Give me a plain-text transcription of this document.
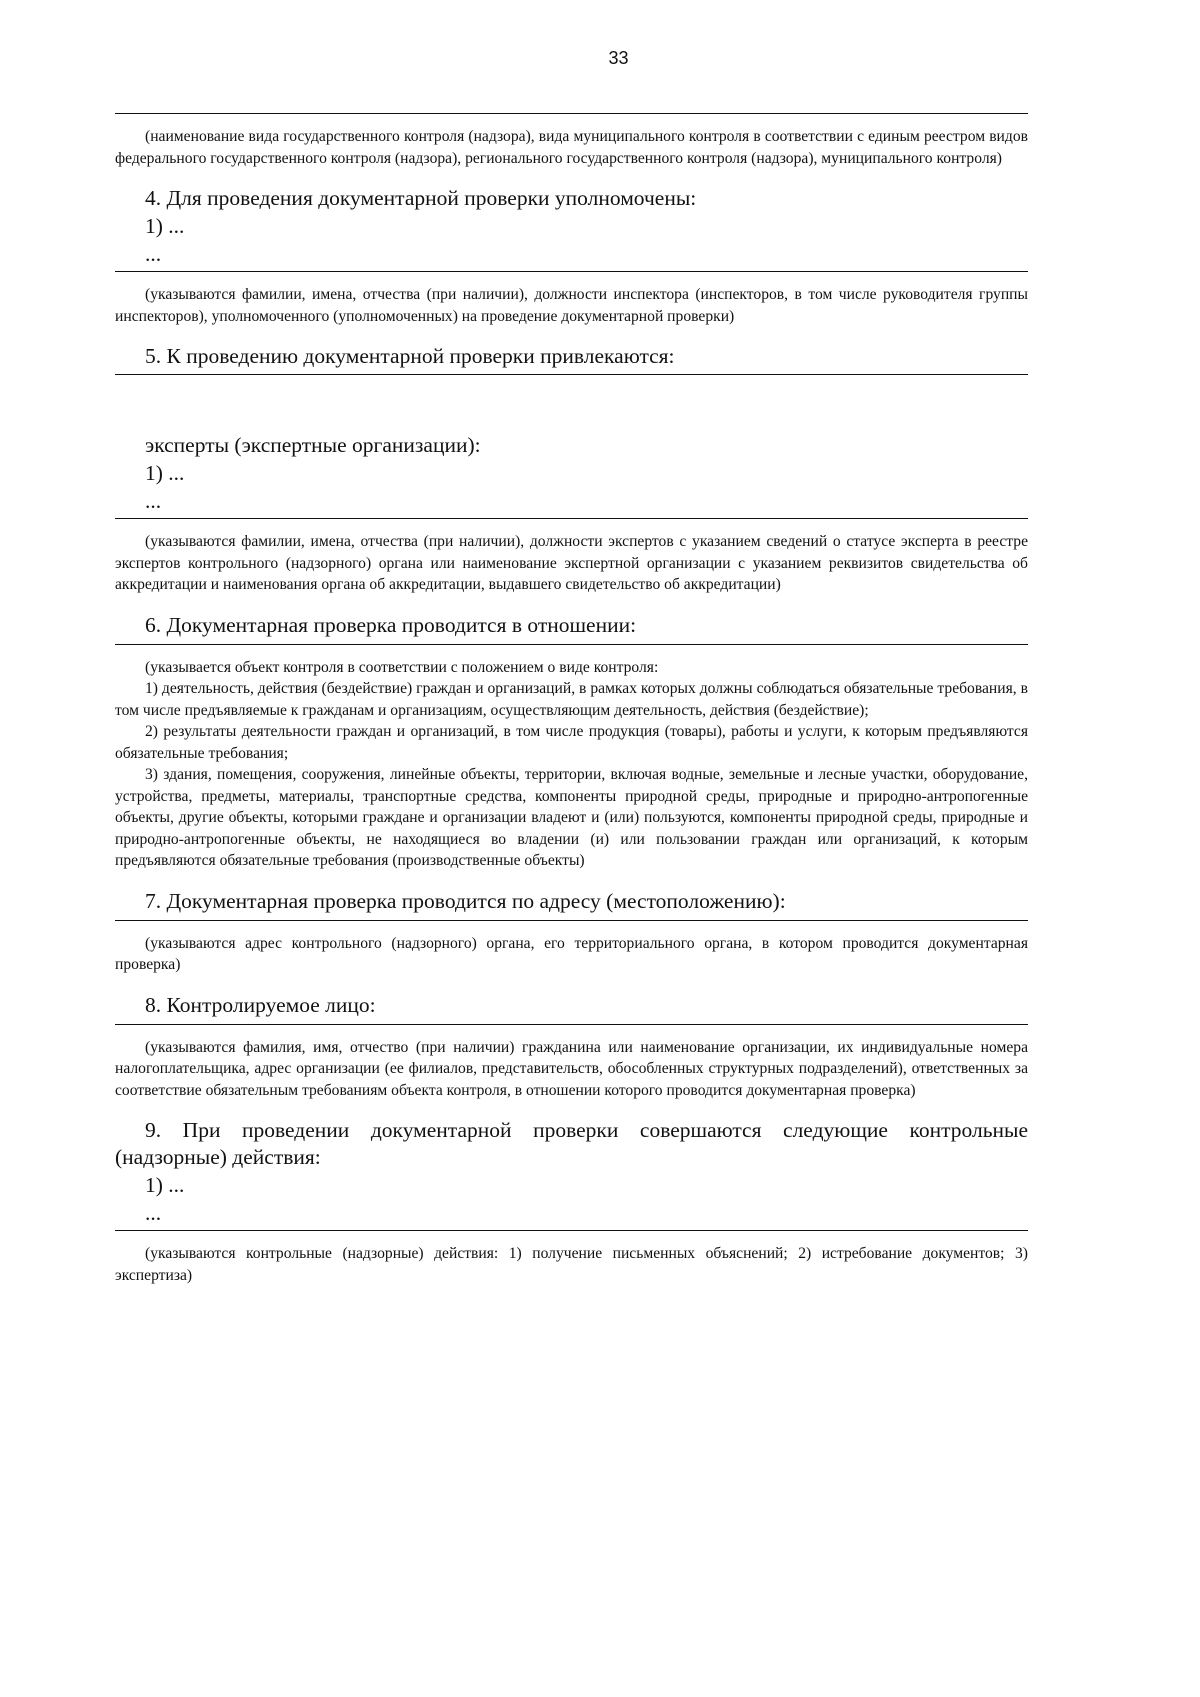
33

(наименование вида государственного контроля (надзора), вида муниципального контроля в соответствии с единым реестром видов федерального государственного контроля (надзора), регионального государственного контроля (надзора), муниципального контроля)

4. Для проведения документарной проверки уполномочены:

1) ...

...

(указываются фамилии, имена, отчества (при наличии), должности инспектора (инспекторов, в том числе руководителя группы инспекторов), уполномоченного (уполномоченных) на проведение документарной проверки)

5. К проведению документарной проверки привлекаются:

эксперты (экспертные организации):

1) ...

...

(указываются фамилии, имена, отчества (при наличии), должности экспертов с указанием сведений о статусе эксперта в реестре экспертов контрольного (надзорного) органа или наименование экспертной организации с указанием реквизитов свидетельства об аккредитации и наименования органа об аккредитации, выдавшего свидетельство об аккредитации)

6. Документарная проверка проводится в отношении:

(указывается объект контроля в соответствии с положением о виде контроля:

1) деятельность, действия (бездействие) граждан и организаций, в рамках которых должны соблюдаться обязательные требования, в том числе предъявляемые к гражданам и организациям, осуществляющим деятельность, действия (бездействие);

2) результаты деятельности граждан и организаций, в том числе продукция (товары), работы и услуги, к которым предъявляются обязательные требования;

3) здания, помещения, сооружения, линейные объекты, территории, включая водные, земельные и лесные участки, оборудование, устройства, предметы, материалы, транспортные средства, компоненты природной среды, природные и природно-антропогенные объекты, другие объекты, которыми граждане и организации владеют и (или) пользуются, компоненты природной среды, природные и природно-антропогенные объекты, не находящиеся во владении (и) или пользовании граждан или организаций, к которым предъявляются обязательные требования (производственные объекты)

7. Документарная проверка проводится по адресу (местоположению):

(указываются адрес контрольного (надзорного) органа, его территориального органа, в котором проводится документарная проверка)

8. Контролируемое лицо:

(указываются фамилия, имя, отчество (при наличии) гражданина или наименование организации, их индивидуальные номера налогоплательщика, адрес организации (ее филиалов, представительств, обособленных структурных подразделений), ответственных за соответствие обязательным требованиям объекта контроля, в отношении которого проводится документарная проверка)

9. При проведении документарной проверки совершаются следующие контрольные (надзорные) действия:

1) ...

...

(указываются контрольные (надзорные) действия: 1) получение письменных объяснений; 2) истребование документов; 3) экспертиза)
